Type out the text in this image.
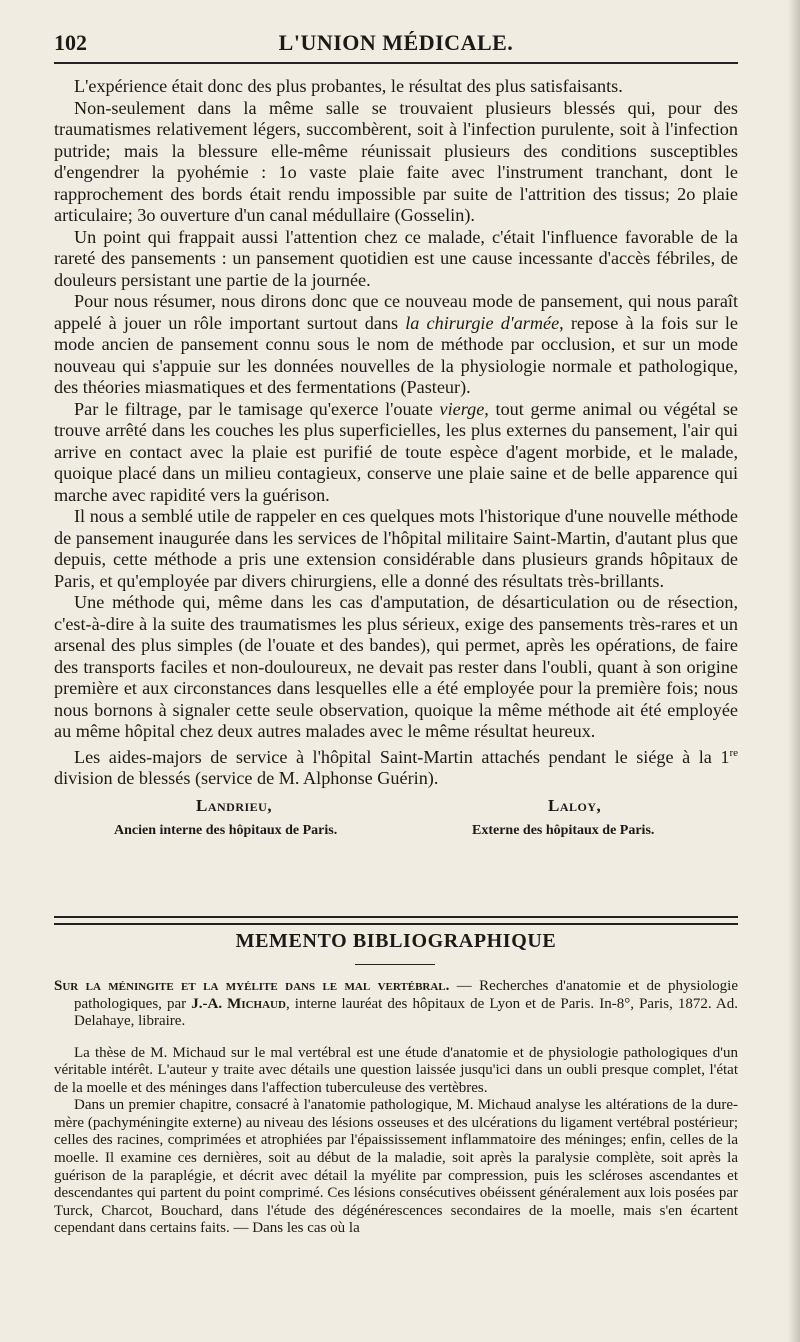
102	L'UNION MÉDICALE.

L'expérience était donc des plus probantes, le résultat des plus satisfaisants.

Non-seulement dans la même salle se trouvaient plusieurs blessés qui, pour des traumatismes relativement légers, succombèrent, soit à l'infection purulente, soit à l'infection putride; mais la blessure elle-même réunissait plusieurs des conditions susceptibles d'engendrer la pyohémie : 1o vaste plaie faite avec l'instrument tranchant, dont le rapprochement des bords était rendu impossible par suite de l'attrition des tissus; 2o plaie articulaire; 3o ouverture d'un canal médullaire (Gosselin).

Un point qui frappait aussi l'attention chez ce malade, c'était l'influence favorable de la rareté des pansements : un pansement quotidien est une cause incessante d'accès fébriles, de douleurs persistant une partie de la journée.

Pour nous résumer, nous dirons donc que ce nouveau mode de pansement, qui nous paraît appelé à jouer un rôle important surtout dans la chirurgie d'armée, repose à la fois sur le mode ancien de pansement connu sous le nom de méthode par occlusion, et sur un mode nouveau qui s'appuie sur les données nouvelles de la physiologie normale et pathologique, des théories miasmatiques et des fermentations (Pasteur).

Par le filtrage, par le tamisage qu'exerce l'ouate vierge, tout germe animal ou végétal se trouve arrêté dans les couches les plus superficielles, les plus externes du pansement, l'air qui arrive en contact avec la plaie est purifié de toute espèce d'agent morbide, et le malade, quoique placé dans un milieu contagieux, conserve une plaie saine et de belle apparence qui marche avec rapidité vers la guérison.

Il nous a semblé utile de rappeler en ces quelques mots l'historique d'une nouvelle méthode de pansement inaugurée dans les services de l'hôpital militaire Saint-Martin, d'autant plus que depuis, cette méthode a pris une extension considérable dans plusieurs grands hôpitaux de Paris, et qu'employée par divers chirurgiens, elle a donné des résultats très-brillants.

Une méthode qui, même dans les cas d'amputation, de désarticulation ou de résection, c'est-à-dire à la suite des traumatismes les plus sérieux, exige des pansements très-rares et un arsenal des plus simples (de l'ouate et des bandes), qui permet, après les opérations, de faire des transports faciles et non-douloureux, ne devait pas rester dans l'oubli, quant à son origine première et aux circonstances dans lesquelles elle a été employée pour la première fois; nous nous bornons à signaler cette seule observation, quoique la même méthode ait été employée au même hôpital chez deux autres malades avec le même résultat heureux.

Les aides-majors de service à l'hôpital Saint-Martin attachés pendant le siége à la 1re division de blessés (service de M. Alphonse Guérin).

Landrieu,
Ancien interne des hôpitaux de Paris.
Laloy,
Externe des hôpitaux de Paris.
MEMENTO BIBLIOGRAPHIQUE

Sur la méningite et la myélite dans le mal vertébral. — Recherches d'anatomie et de physiologie pathologiques, par J.-A. Michaud, interne lauréat des hôpitaux de Lyon et de Paris. In-8°, Paris, 1872. Ad. Delahaye, libraire.

La thèse de M. Michaud sur le mal vertébral est une étude d'anatomie et de physiologie pathologiques d'un véritable intérêt. L'auteur y traite avec détails une question laissée jusqu'ici dans un oubli presque complet, l'état de la moelle et des méninges dans l'affection tuberculeuse des vertèbres.

Dans un premier chapitre, consacré à l'anatomie pathologique, M. Michaud analyse les altérations de la dure-mère (pachyméningite externe) au niveau des lésions osseuses et des ulcérations du ligament vertébral postérieur; celles des racines, comprimées et atrophiées par l'épaississement inflammatoire des méninges; enfin, celles de la moelle. Il examine ces dernières, soit au début de la maladie, soit après la paralysie complète, soit après la guérison de la paraplégie, et décrit avec détail la myélite par compression, puis les scléroses ascendantes et descendantes qui partent du point comprimé. Ces lésions consécutives obéissent généralement aux lois posées par Turck, Charcot, Bouchard, dans l'étude des dégénérescences secondaires de la moelle, mais s'en écartent cependant dans certains faits. — Dans les cas où la
